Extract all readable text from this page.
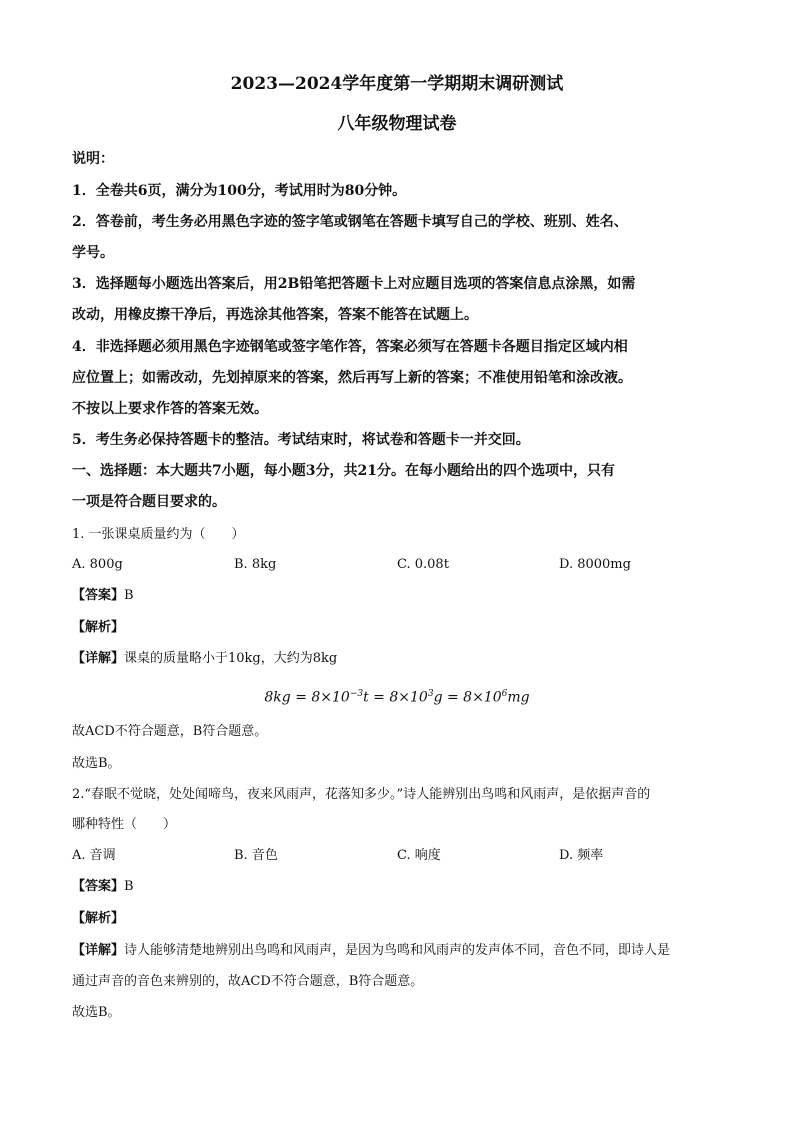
2023—2024学年度第一学期期末调研测试
八年级物理试卷
说明：
1．全卷共6页，满分为100分，考试用时为80分钟。
2．答卷前，考生务必用黑色字迹的签字笔或钢笔在答题卡填写自己的学校、班别、姓名、
学号。
3．选择题每小题选出答案后，用2B铅笔把答题卡上对应题目选项的答案信息点涂黑，如需
改动，用橡皮擦干净后，再选涂其他答案，答案不能答在试题上。
4．非选择题必须用黑色字迹钢笔或签字笔作答，答案必须写在答题卡各题目指定区域内相
应位置上；如需改动，先划掉原来的答案，然后再写上新的答案；不准使用铅笔和涂改液。
不按以上要求作答的答案无效。
5．考生务必保持答题卡的整洁。考试结束时，将试卷和答题卡一并交回。
一、选择题：本大题共7小题，每小题3分，共21分。在每小题给出的四个选项中，只有
一项是符合题目要求的。
1. 一张课桌质量约为（　　）
A. 800g	B. 8kg	C. 0.08t	D. 8000mg
【答案】B
【解析】
【详解】课桌的质量略小于10kg，大约为8kg
$8kg = 8\times 10^{-3}t = 8\times 10^3g = 8\times 10^6mg$
故ACD不符合题意，B符合题意。
故选B。
2.“春眠不觉晓，处处闻啼鸟，夜来风雨声，花落知多少。”诗人能辨别出鸟鸣和风雨声，是依据声音的
哪种特性（　　）
A. 音调	B. 音色	C. 响度	D. 频率
【答案】B
【解析】
【详解】诗人能够清楚地辨别出鸟鸣和风雨声，是因为鸟鸣和风雨声的发声体不同，音色不同，即诗人是
通过声音的音色来辨别的，故ACD不符合题意，B符合题意。
故选B。
